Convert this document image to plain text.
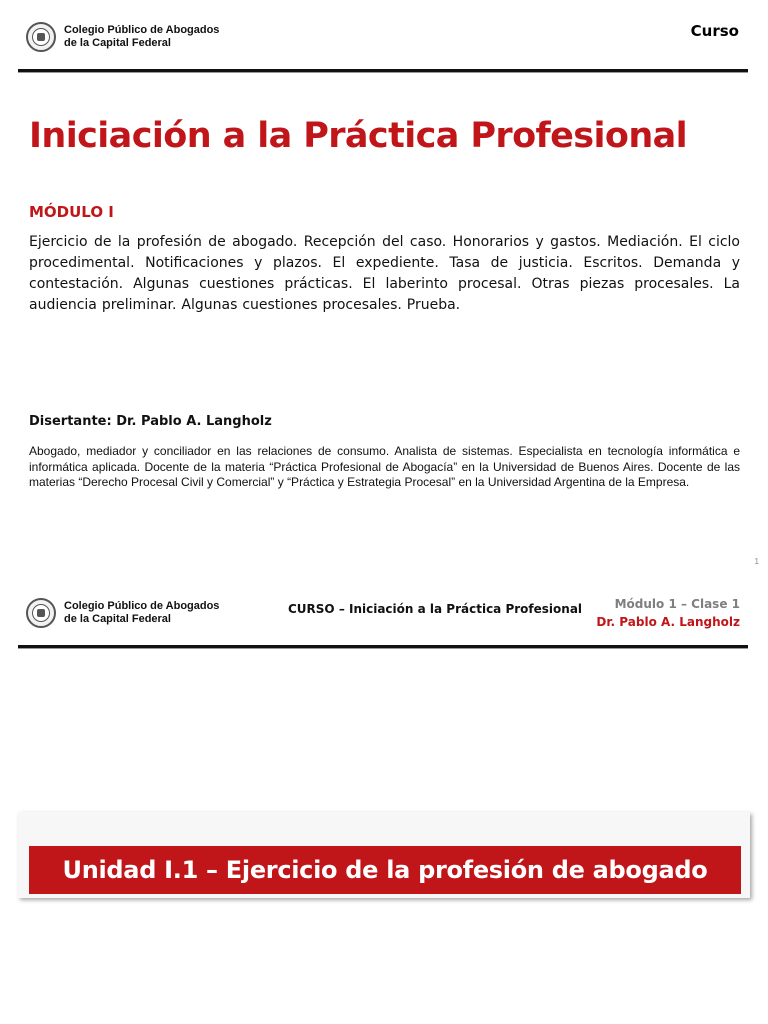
Colegio Público de Abogados
de la Capital Federal
Curso
Iniciación a la Práctica Profesional
MÓDULO I
Ejercicio de la profesión de abogado. Recepción del caso. Honorarios y gastos. Mediación. El ciclo procedimental. Notificaciones y plazos. El expediente. Tasa de justicia. Escritos. Demanda y contestación. Algunas cuestiones prácticas. El laberinto procesal. Otras piezas procesales. La audiencia preliminar. Algunas cuestiones procesales. Prueba.
Disertante: Dr. Pablo A. Langholz
Abogado, mediador y conciliador en las relaciones de consumo. Analista de sistemas. Especialista en tecnología informática e informática aplicada. Docente de la materia “Práctica Profesional de Abogacía” en la Universidad de Buenos Aires. Docente de las materias “Derecho Procesal Civil y Comercial” y “Práctica y Estrategia Procesal” en la Universidad Argentina de la Empresa.
1
Colegio Público de Abogados
de la Capital Federal
CURSO – Iniciación a la Práctica Profesional	Módulo 1 – Clase 1
Dr. Pablo A. Langholz
Unidad I.1 – Ejercicio de la profesión de abogado
